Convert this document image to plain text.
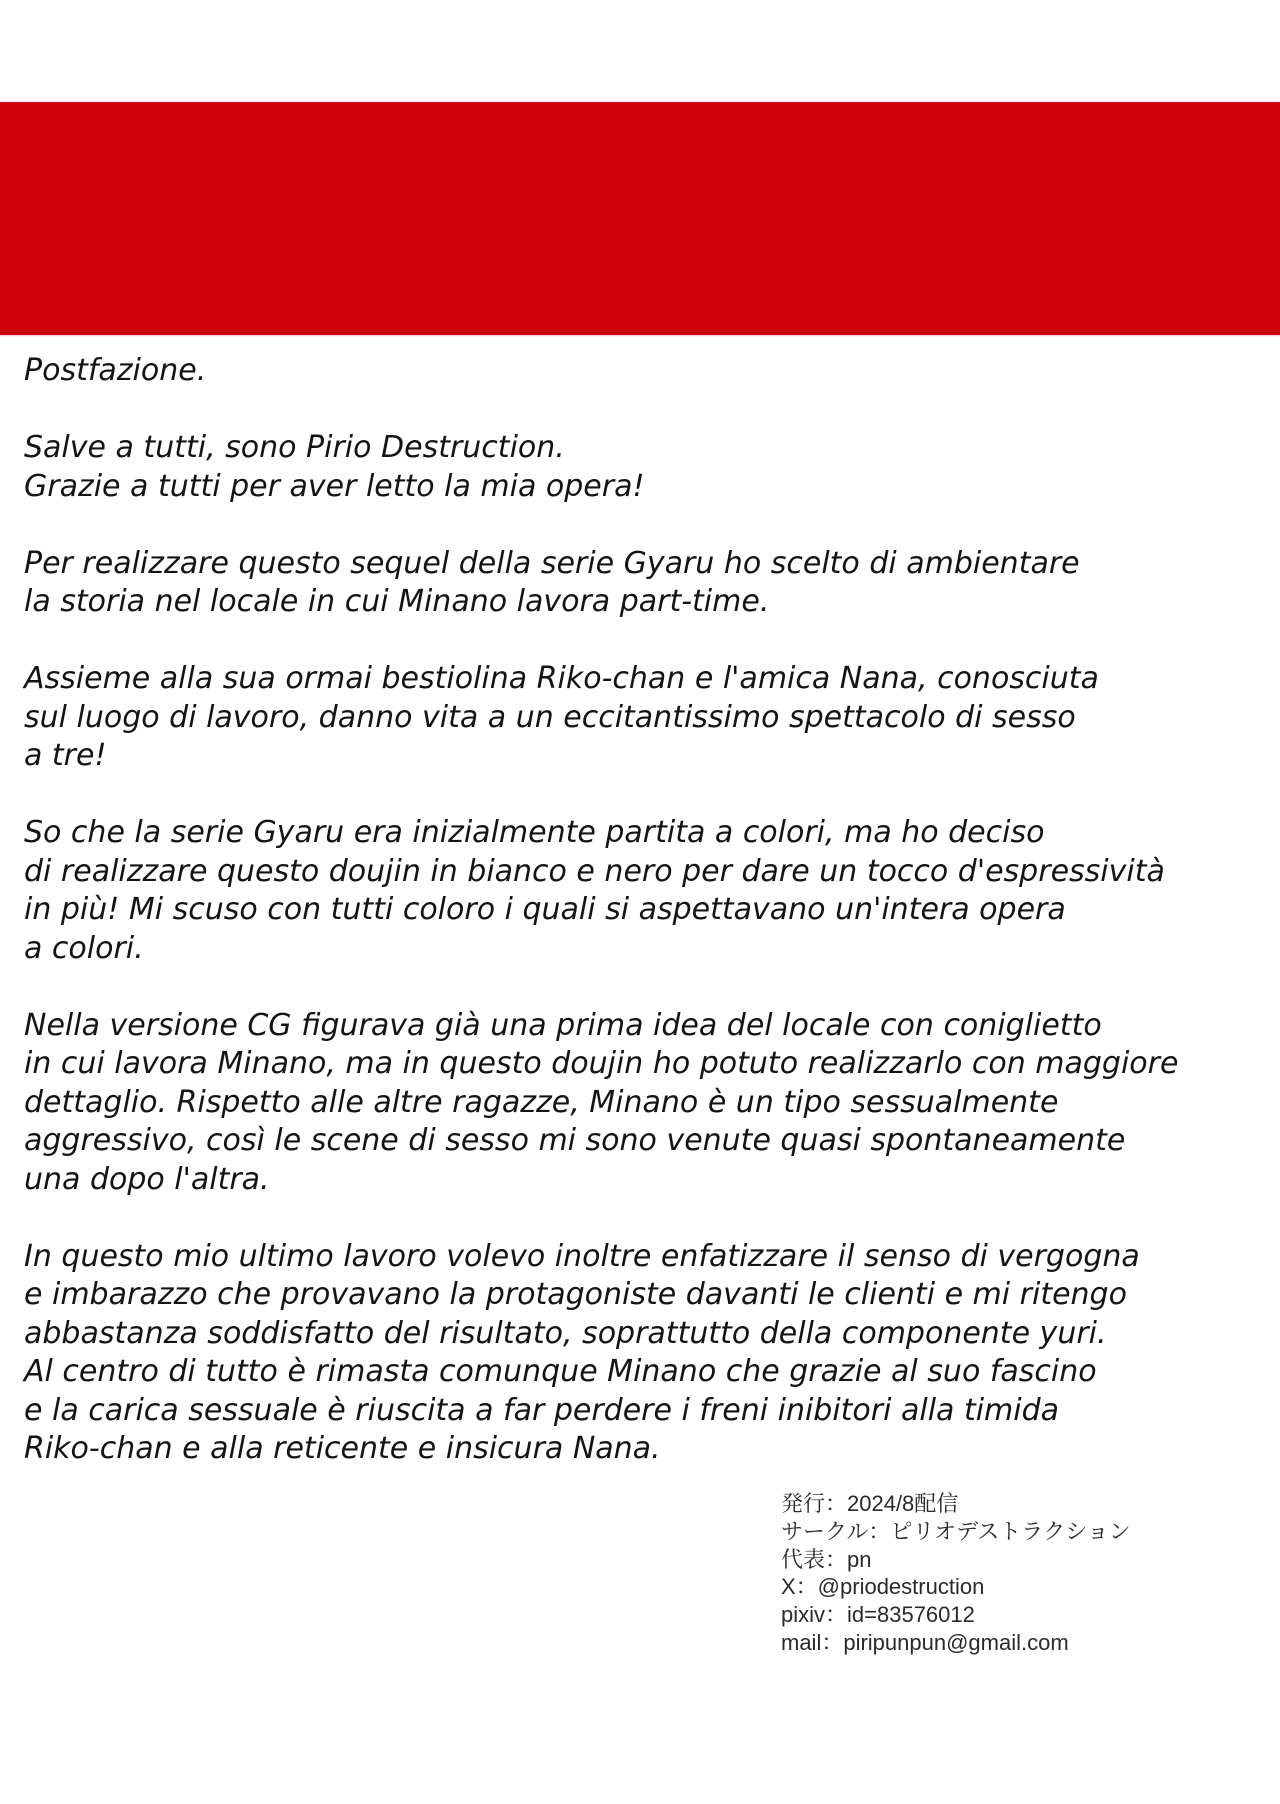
Postfazione.
Salve a tutti, sono Pirio Destruction.
Grazie a tutti per aver letto la mia opera!
Per realizzare questo sequel della serie Gyaru ho scelto di ambientare
la storia nel locale in cui Minano lavora part-time.
Assieme alla sua ormai bestiolina Riko-chan e l'amica Nana, conosciuta
sul luogo di lavoro, danno vita a un eccitantissimo spettacolo di sesso
a tre!
So che la serie Gyaru era inizialmente partita a colori, ma ho deciso
di realizzare questo doujin in bianco e nero per dare un tocco d'espressività
in più! Mi scuso con tutti coloro i quali si aspettavano un'intera opera
a colori.
Nella versione CG figurava già una prima idea del locale con coniglietto
in cui lavora Minano, ma in questo doujin ho potuto realizzarlo con maggiore
dettaglio. Rispetto alle altre ragazze, Minano è un tipo sessualmente
aggressivo, così le scene di sesso mi sono venute quasi spontaneamente
una dopo l'altra.
In questo mio ultimo lavoro volevo inoltre enfatizzare il senso di vergogna
e imbarazzo che provavano la protagoniste davanti le clienti e mi ritengo
abbastanza soddisfatto del risultato, soprattutto della componente yuri.
Al centro di tutto è rimasta comunque Minano che grazie al suo fascino
e la carica sessuale è riuscita a far perdere i freni inibitori alla timida
Riko-chan e alla reticente e insicura Nana.
発行：2024/8配信
サークル：ピリオデストラクション
代表：pn
X：@priodestruction
pixiv：id=83576012
mail：piripunpun@gmail.com
